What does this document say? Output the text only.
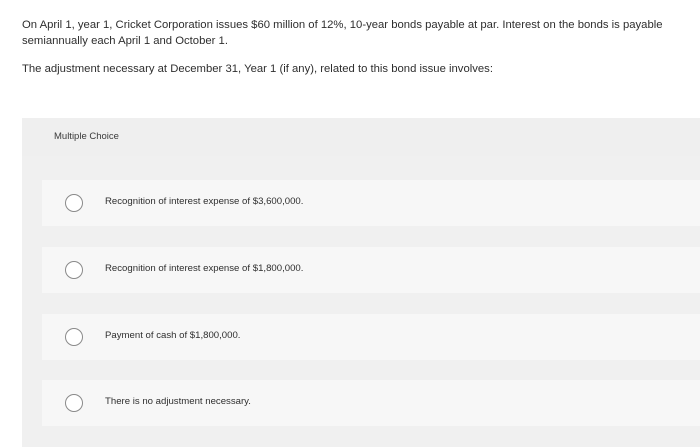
On April 1, year 1, Cricket Corporation issues $60 million of 12%, 10-year bonds payable at par. Interest on the bonds is payable semiannually each April 1 and October 1.

The adjustment necessary at December 31, Year 1 (if any), related to this bond issue involves:

Multiple Choice
Recognition of interest expense of $3,600,000.
Recognition of interest expense of $1,800,000.
Payment of cash of $1,800,000.
There is no adjustment necessary.
